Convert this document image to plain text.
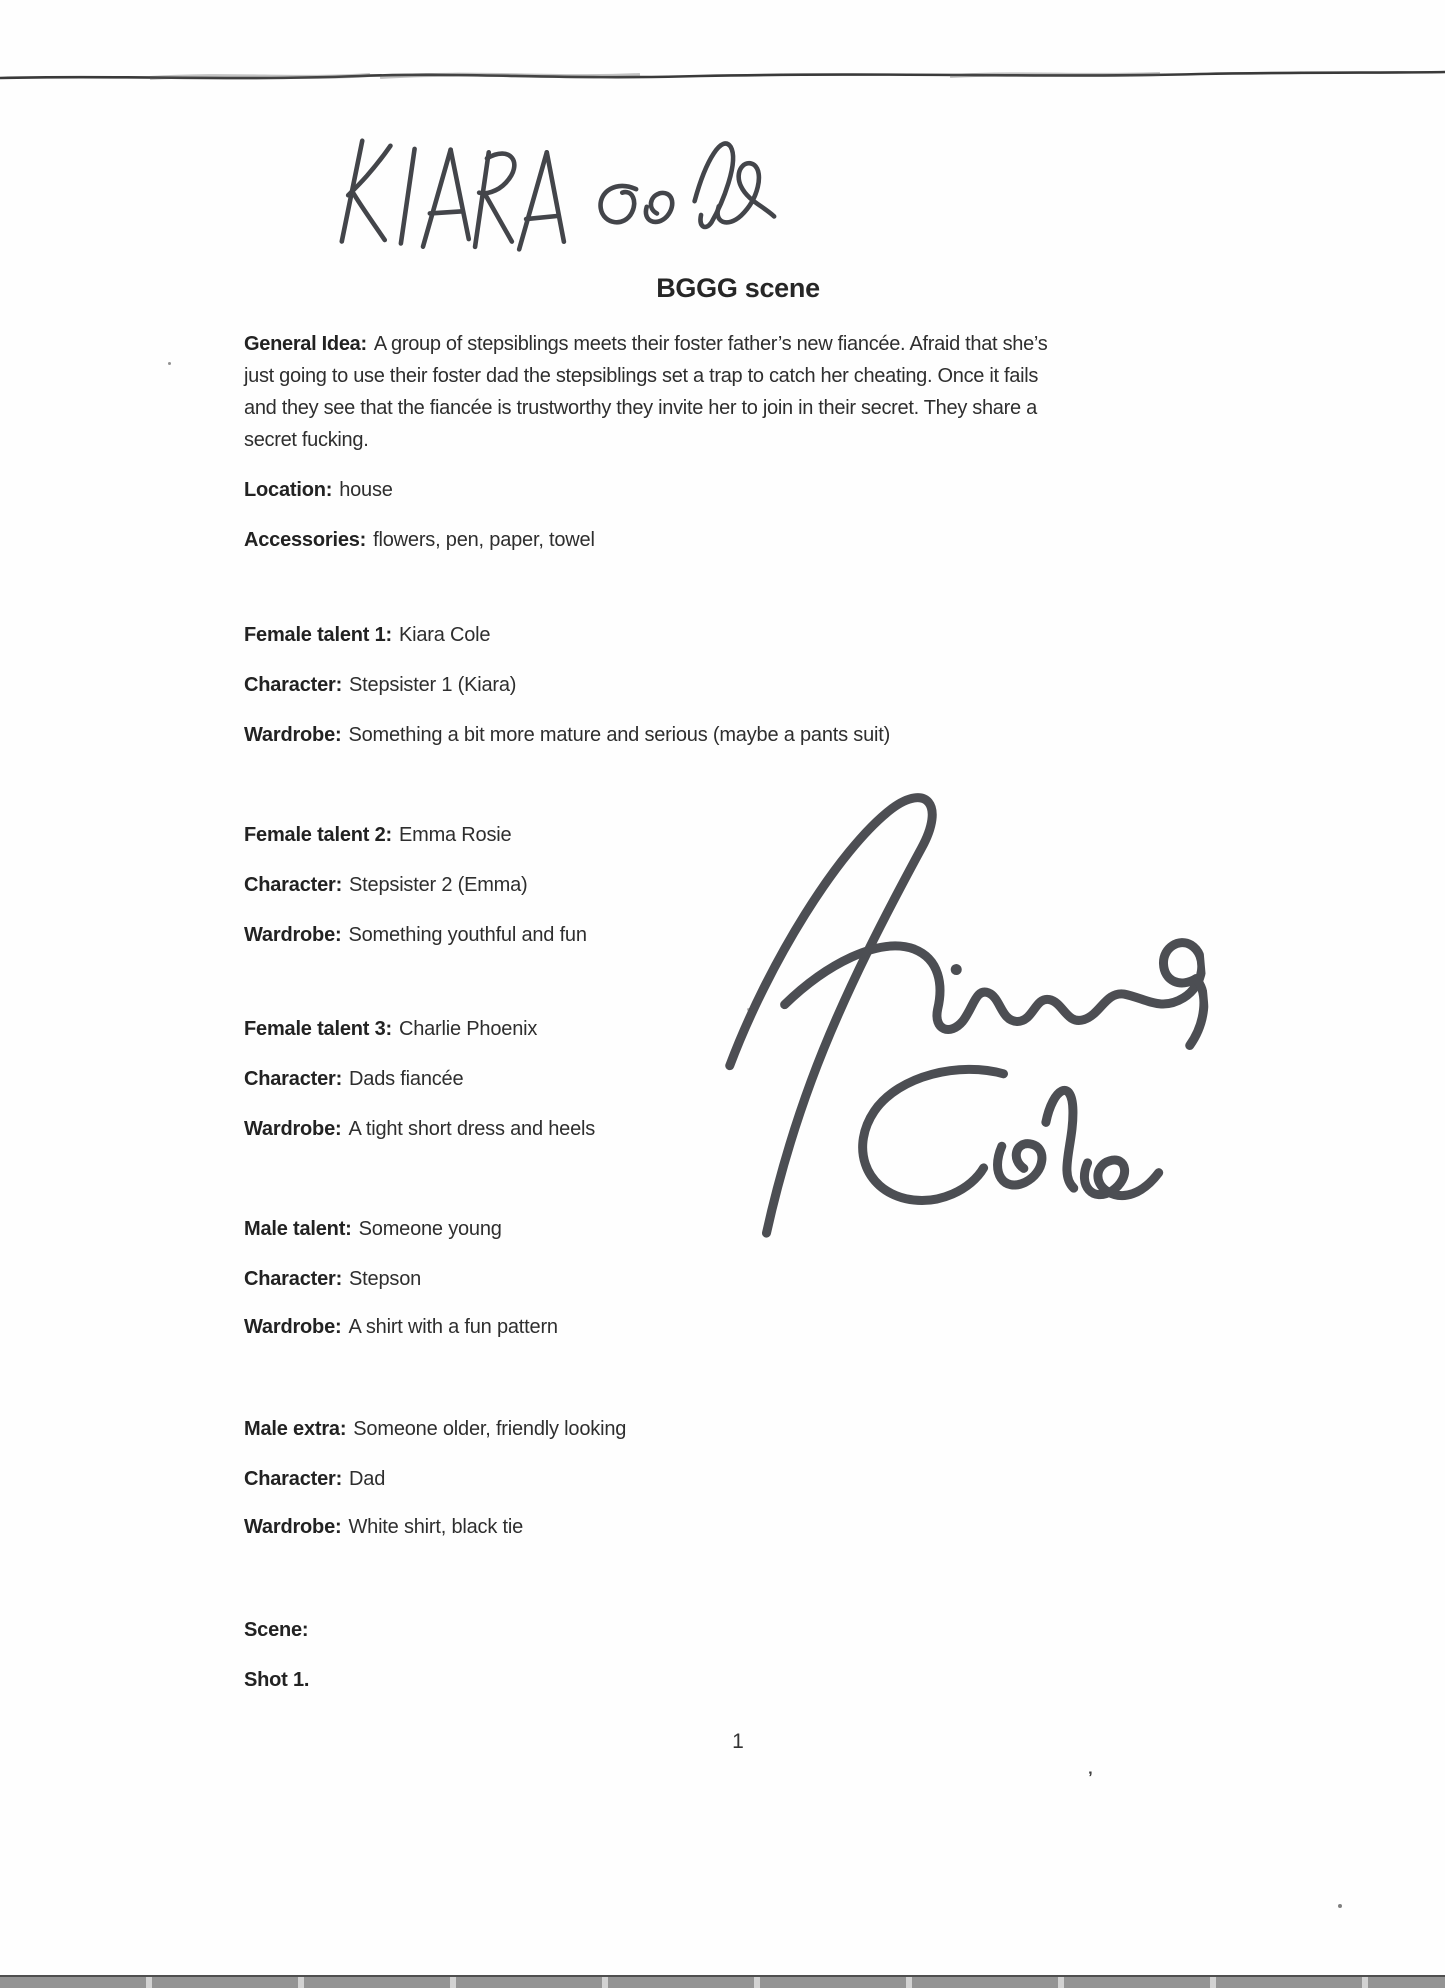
BGGG scene
General Idea: A group of stepsiblings meets their foster father’s new fiancée. Afraid that she’s
just going to use their foster dad the stepsiblings set a trap to catch her cheating. Once it fails
and they see that the fiancée is trustworthy they invite her to join in their secret. They share a
secret fucking.
Location: house
Accessories: flowers, pen, paper, towel
Female talent 1: Kiara Cole
Character: Stepsister 1 (Kiara)
Wardrobe: Something a bit more mature and serious (maybe a pants suit)
Female talent 2: Emma Rosie
Character: Stepsister 2 (Emma)
Wardrobe: Something youthful and fun
Female talent 3: Charlie Phoenix
Character: Dads fiancée
Wardrobe: A tight short dress and heels
Male talent: Someone young
Character: Stepson
Wardrobe: A shirt with a fun pattern
Male extra: Someone older, friendly looking
Character: Dad
Wardrobe: White shirt, black tie
Scene:
Shot 1.
1
’
